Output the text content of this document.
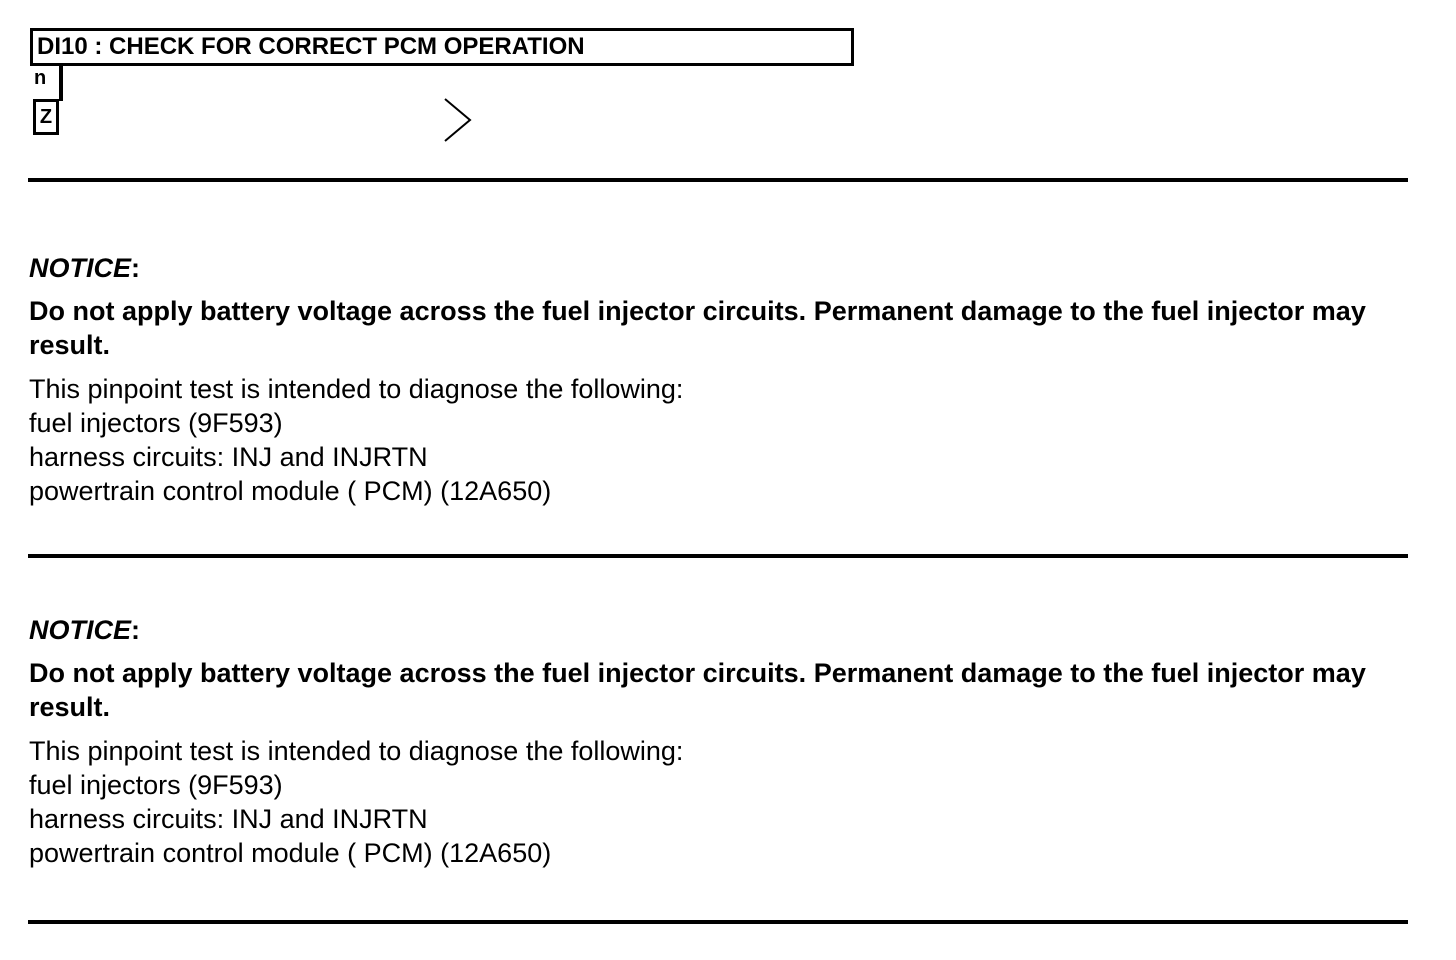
DI10 : CHECK FOR CORRECT PCM OPERATION
n
Z
NOTICE:
Do not apply battery voltage across the fuel injector circuits. Permanent damage to the fuel injector may result.

This pinpoint test is intended to diagnose the following:

fuel injectors (9F593)

harness circuits: INJ and INJRTN

powertrain control module ( PCM) (12A650)

NOTICE:
Do not apply battery voltage across the fuel injector circuits. Permanent damage to the fuel injector may result.

This pinpoint test is intended to diagnose the following:

fuel injectors (9F593)

harness circuits: INJ and INJRTN

powertrain control module ( PCM) (12A650)
